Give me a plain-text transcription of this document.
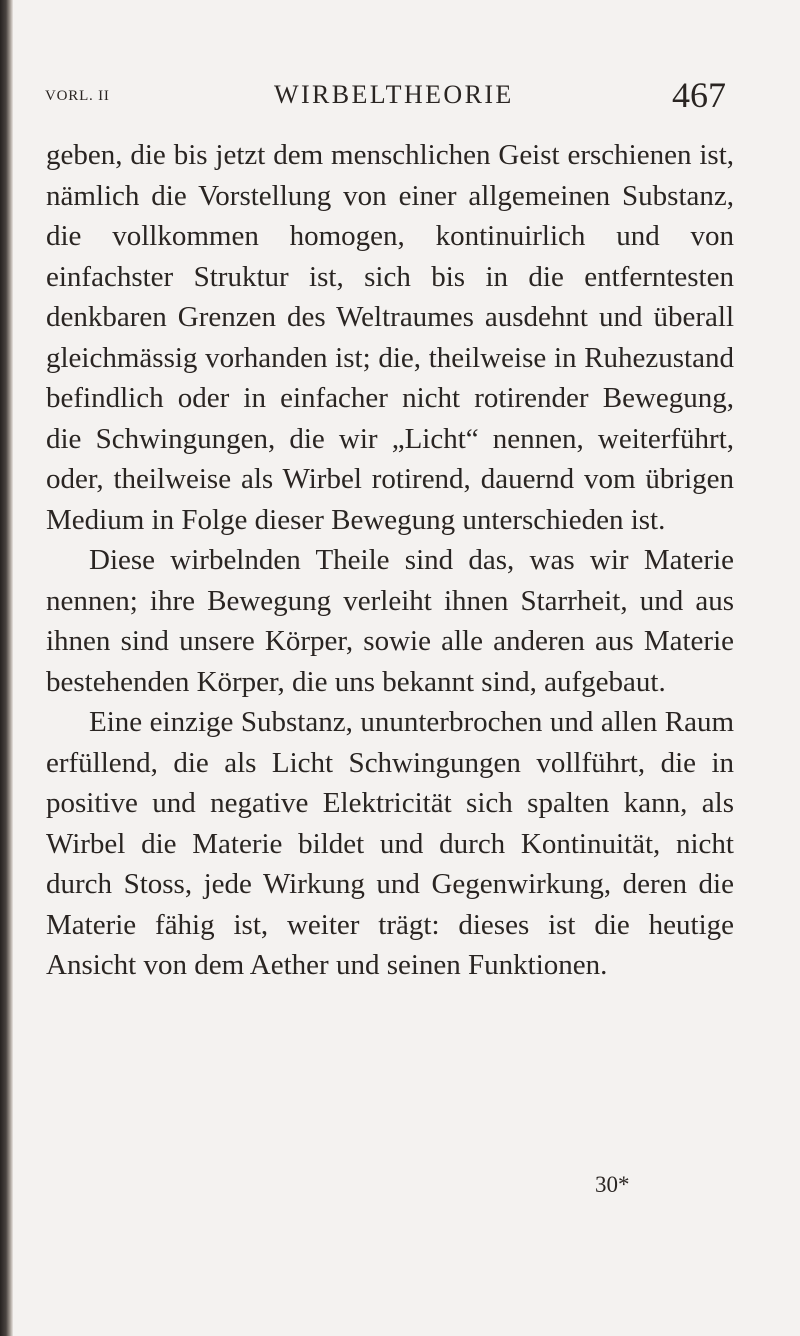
VORL. II	WIRBELTHEORIE	467

geben, die bis jetzt dem menschlichen Geist erschienen ist, nämlich die Vorstellung von einer allgemeinen Substanz, die vollkommen homogen, kontinuirlich und von einfachster Struktur ist, sich bis in die entferntesten denkbaren Grenzen des Weltraumes ausdehnt und überall gleichmässig vorhanden ist; die, theilweise in Ruhezustand befindlich oder in einfacher nicht rotirender Bewegung, die Schwingungen, die wir „Licht“ nennen, weiterführt, oder, theilweise als Wirbel rotirend, dauernd vom übrigen Medium in Folge dieser Bewegung unterschieden ist.

Diese wirbelnden Theile sind das, was wir Materie nennen; ihre Bewegung verleiht ihnen Starrheit, und aus ihnen sind unsere Körper, sowie alle anderen aus Materie bestehenden Körper, die uns bekannt sind, aufgebaut.

Eine einzige Substanz, ununterbrochen und allen Raum erfüllend, die als Licht Schwingungen vollführt, die in positive und negative Elektricität sich spalten kann, als Wirbel die Materie bildet und durch Kontinuität, nicht durch Stoss, jede Wirkung und Gegenwirkung, deren die Materie fähig ist, weiter trägt: dieses ist die heutige Ansicht von dem Aether und seinen Funktionen.

30*
